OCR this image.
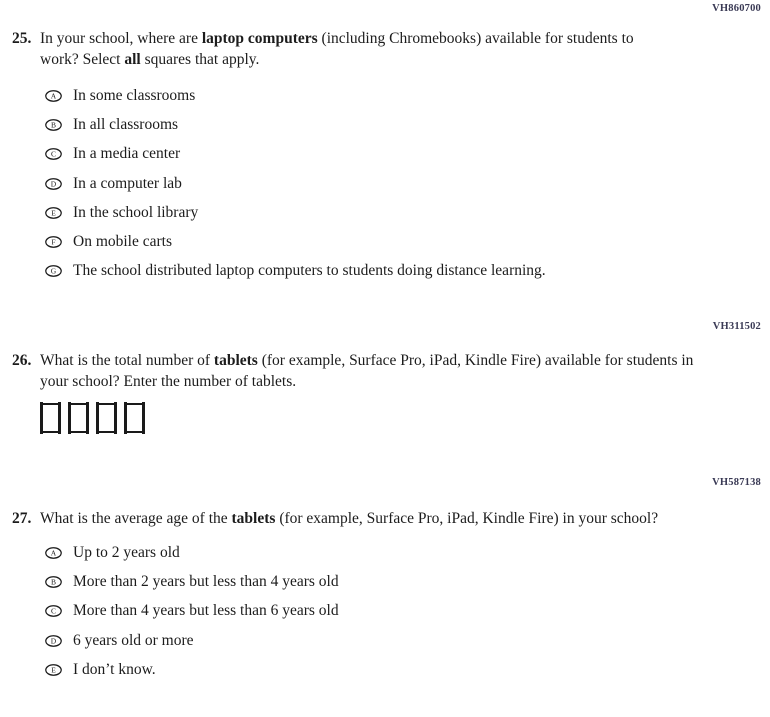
VH860700
VH311502
VH587138
25. In your school, where are laptop computers (including Chromebooks) available for students to work? Select all squares that apply.
A In some classrooms
B In all classrooms
C In a media center
D In a computer lab
E In the school library
F On mobile carts
G The school distributed laptop computers to students doing distance learning.
26. What is the total number of tablets (for example, Surface Pro, iPad, Kindle Fire) available for students in your school? Enter the number of tablets.
27. What is the average age of the tablets (for example, Surface Pro, iPad, Kindle Fire) in your school?
A Up to 2 years old
B More than 2 years but less than 4 years old
C More than 4 years but less than 6 years old
D 6 years old or more
E I don’t know.
